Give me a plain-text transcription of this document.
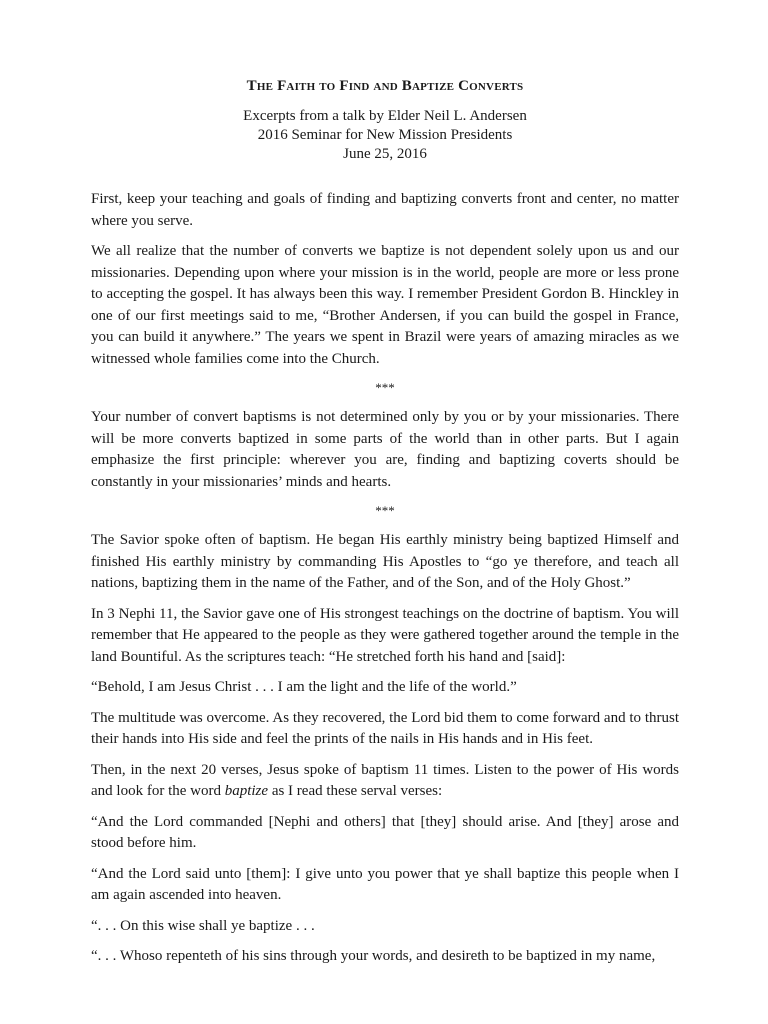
The Faith to Find and Baptize Converts
Excerpts from a talk by Elder Neil L. Andersen
2016 Seminar for New Mission Presidents
June 25, 2016

First, keep your teaching and goals of finding and baptizing converts front and center, no matter where you serve.

We all realize that the number of converts we baptize is not dependent solely upon us and our missionaries. Depending upon where your mission is in the world, people are more or less prone to accepting the gospel. It has always been this way. I remember President Gordon B. Hinckley in one of our first meetings said to me, “Brother Andersen, if you can build the gospel in France, you can build it anywhere.” The years we spent in Brazil were years of amazing miracles as we witnessed whole families come into the Church.

***

Your number of convert baptisms is not determined only by you or by your missionaries. There will be more converts baptized in some parts of the world than in other parts. But I again emphasize the first principle: wherever you are, finding and baptizing coverts should be constantly in your missionaries’ minds and hearts.

***

The Savior spoke often of baptism. He began His earthly ministry being baptized Himself and finished His earthly ministry by commanding His Apostles to “go ye therefore, and teach all nations, baptizing them in the name of the Father, and of the Son, and of the Holy Ghost.”

In 3 Nephi 11, the Savior gave one of His strongest teachings on the doctrine of baptism. You will remember that He appeared to the people as they were gathered together around the temple in the land Bountiful. As the scriptures teach: “He stretched forth his hand and [said]:

“Behold, I am Jesus Christ . . . I am the light and the life of the world.”

The multitude was overcome. As they recovered, the Lord bid them to come forward and to thrust their hands into His side and feel the prints of the nails in His hands and in His feet.

Then, in the next 20 verses, Jesus spoke of baptism 11 times. Listen to the power of His words and look for the word baptize as I read these serval verses:

“And the Lord commanded [Nephi and others] that [they] should arise. And [they] arose and stood before him.

“And the Lord said unto [them]: I give unto you power that ye shall baptize this people when I am again ascended into heaven.

“. . . On this wise shall ye baptize . . .

“. . . Whoso repenteth of his sins through your words, and desireth to be baptized in my name,
